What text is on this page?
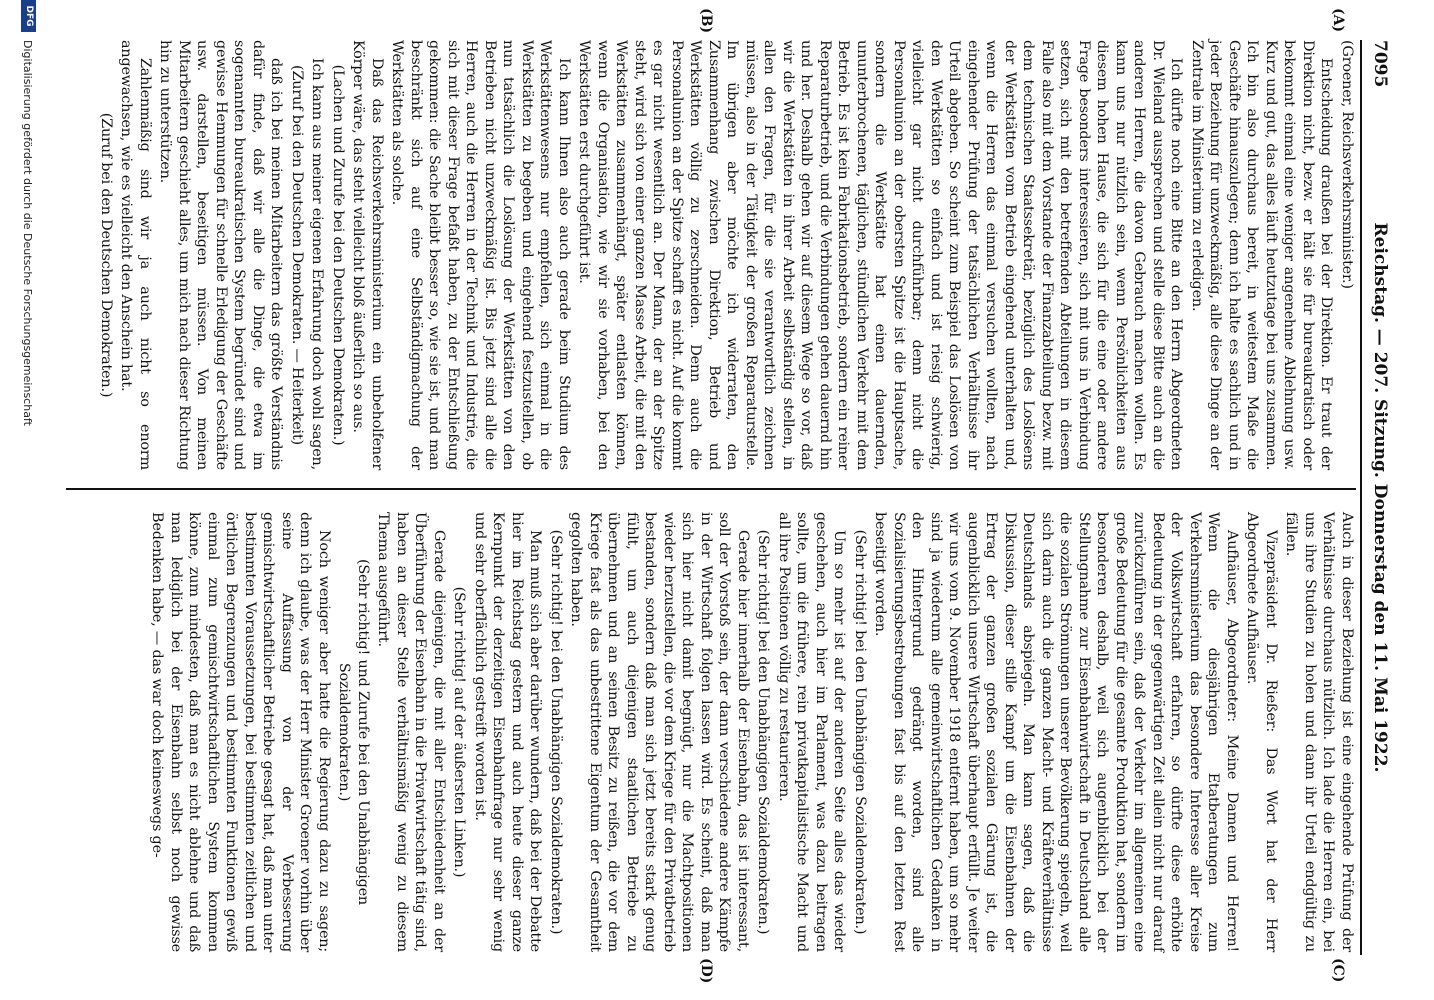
7095
Reichstag. — 207. Sitzung. Donnerstag den 11. Mai 1922.
(A)
(B)
(C)
(D)

(Groener, Reichsverkehrsminister.)

Entscheidung draußen bei der Direktion. Er traut der Direktion nicht, bezw. er hält sie für bureaukratisch oder bekommt einmal eine weniger angenehme Ablehnung usw. Kurz und gut, das alles läuft heutzutage bei uns zusammen. Ich bin also durchaus bereit, in weitestem Maße die Geschäfte hinauszulegen; denn ich halte es sachlich und in jeder Beziehung für unzweckmäßig, alle diese Dinge an der Zentrale im Ministerium zu erledigen.

Ich dürfte noch eine Bitte an den Herrn Abgeordneten Dr. Wieland aussprechen und stelle diese Bitte auch an die anderen Herren, die davon Gebrauch machen wollen. Es kann uns nur nützlich sein, wenn Persönlichkeiten aus diesem hohen Hause, die sich für die eine oder andere Frage besonders interessieren, sich mit uns in Verbindung setzen, sich mit den betreffenden Abteilungen in diesem Falle also mit dem Vorstande der Finanzabteilung bezw. mit dem technischen Staatssekretär, bezüglich des Loslösens der Werkstätten vom Betrieb eingehend unterhalten und, wenn die Herren das einmal versuchen wollten, nach eingehender Prüfung der tatsächlichen Verhältnisse ihr Urteil abgeben. So scheint zum Beispiel das Loslösen von den Werkstätten so einfach und ist riesig schwierig, vielleicht gar nicht durchführbar; denn nicht die Personalunion an der obersten Spitze ist die Hauptsache, sondern die Werkstätte hat einen dauernden, ununterbrochenen, täglichen, stündlichen Verkehr mit dem Betrieb. Es ist kein Fabrikationsbetrieb, sondern ein reiner Reparaturbetrieb, und die Verbindungen gehen dauernd hin und her. Deshalb gehen wir auf diesem Wege so vor, daß wir die Werkstätten in ihrer Arbeit selbständig stellen, in allen den Fragen, für die sie verantwortlich zeichnen müssen, also in der Tätigkeit der großen Reparaturstelle. Im übrigen aber möchte ich widerraten, den Zusammenhang zwischen Direktion, Betrieb und Werkstätten völlig zu zerschneiden. Denn auch die Personalunion an der Spitze schafft es nicht. Auf die kommt es gar nicht wesentlich an. Der Mann, der an der Spitze steht, wird sich von einer ganzen Masse Arbeit, die mit den Werkstätten zusammenhängt, später entlasten können, wenn die Organisation, wie wir sie vorhaben, bei den Werkstätten erst durchgeführt ist.

Ich kann Ihnen also auch gerade beim Studium des Werkstättenwesens nur empfehlen, sich einmal in die Werkstätten zu begeben und eingehend festzustellen, ob nun tatsächlich die Loslösung der Werkstätten von den Betrieben nicht unzweckmäßig ist. Bis jetzt sind alle die Herren, auch die Herren in der Technik und Industrie, die sich mit dieser Frage befaßt haben, zu der Entschließung gekommen: die Sache bleibt besser so, wie sie ist, und man beschränkt sich auf eine Selbständigmachung der Werkstätten als solche.

Daß das Reichsverkehrsministerium ein unbeholfener Körper wäre, das steht vielleicht bloß äußerlich so aus.

(Lachen und Zurufe bei den Deutschen Demokraten.)

Ich kann aus meiner eigenen Erfahrung doch wohl sagen,

(Zuruf bei den Deutschen Demokraten. — Heiterkeit)

daß ich bei meinen Mitarbeitern das größte Verständnis dafür finde, daß wir alle die Dinge, die etwa im sogenannten bureaukratischen System begründet sind und gewisse Hemmungen für schnelle Erledigung der Geschäfte usw. darstellen, beseitigen müssen. Von meinen Mitarbeitern geschieht alles, um mich nach dieser Richtung hin zu unterstützen.

Zahlenmäßig sind wir ja auch nicht so enorm angewachsen, wie es vielleicht den Anschein hat.

(Zuruf bei den Deutschen Demokraten.)

Auch in dieser Beziehung ist eine eingehende Prüfung der Verhältnisse durchaus nützlich. Ich lade die Herren ein, bei uns ihre Studien zu holen und dann ihr Urteil endgültig zu fällen.

Vizepräsident Dr. Rießer: Das Wort hat der Herr Abgeordnete Aufhäuser.

Aufhäuser, Abgeordneter: Meine Damen und Herren! Wenn die diesjährigen Etatberatungen zum Verkehrsministerium das besondere Interesse aller Kreise der Volkswirtschaft erfahren, so dürfte diese erhöhte Bedeutung in der gegenwärtigen Zeit allein nicht nur darauf zurückzuführen sein, daß der Verkehr im allgemeinen eine große Bedeutung für die gesamte Produktion hat, sondern im besonderen deshalb, weil sich augenblicklich bei der Stellungnahme zur Eisenbahnwirtschaft in Deutschland alle die sozialen Strömungen unserer Bevölkerung spiegeln, weil sich darin auch die ganzen Macht- und Kräfteverhältnisse Deutschlands abspiegeln. Man kann sagen, daß die Diskussion, dieser stille Kampf um die Eisenbahnen der Ertrag der ganzen großen sozialen Gärung ist, die augenblicklich unsere Wirtschaft überhaupt erfüllt. Je weiter wir uns vom 9. November 1918 entfernt haben, um so mehr sind ja wiederum alle gemeinwirtschaftlichen Gedanken in den Hintergrund gedrängt worden, sind alle Sozialisierungsbestrebungen fast bis auf den letzten Rest beseitigt worden.

(Sehr richtig! bei den Unabhängigen Sozialdemokraten.)

Um so mehr ist auf der anderen Seite alles das wieder geschehen, auch hier im Parlament, was dazu beitragen sollte, um die frühere, rein privatkapitalistische Macht und all ihre Positionen völlig zu restaurieren.

(Sehr richtig! bei den Unabhängigen Sozialdemokraten.)

Gerade hier innerhalb der Eisenbahn, das ist interessant, soll der Vorstoß sein, der dann verschiedene andere Kämpfe in der Wirtschaft folgen lassen wird. Es scheint, daß man sich hier nicht damit begnügt, nur die Machtpositionen wieder herzustellen, die vor dem Kriege für den Privatbetrieb bestanden, sondern daß man sich jetzt bereits stark genug fühlt, um auch diejenigen staatlichen Betriebe zu übernehmen und an seinen Besitz zu reißen, die vor dem Kriege fast als das unbestrittene Eigentum der Gesamtheit gegolten haben.

(Sehr richtig! bei den Unabhängigen Sozialdemokraten.)

Man muß sich aber darüber wundern, daß bei der Debatte hier im Reichstag gestern und auch heute dieser ganze Kernpunkt der derzeitigen Eisenbahnfrage nur sehr wenig und sehr oberflächlich gestreift worden ist.

(Sehr richtig! auf der äußersten Linken.)

Gerade diejenigen, die mit aller Entschiedenheit an der Überführung der Eisenbahn in die Privatwirtschaft tätig sind, haben an dieser Stelle verhältnismäßig wenig zu diesem Thema ausgeführt.

(Sehr richtig! und Zurufe bei den Unabhängigen Sozialdemokraten.)

Noch weniger aber hatte die Regierung dazu zu sagen; denn ich glaube, was der Herr Minister Groener vorhin über seine Auffassung von der Verbesserung gemischtwirtschaftlicher Betriebe gesagt hat, daß man unter bestimmten Voraussetzungen, bei bestimmten zeitlichen und örtlichen Begrenzungen und bestimmten Funktionen gewiß einmal zum gemischtwirtschaftlichen System kommen könne, zum mindesten, daß man es nicht ablehne und daß man lediglich bei der Eisenbahn selbst noch gewisse Bedenken habe, — das war doch keineswegs ge-

DFG
Digitalisierung gefördert durch die Deutsche Forschungsgemeinschaft
